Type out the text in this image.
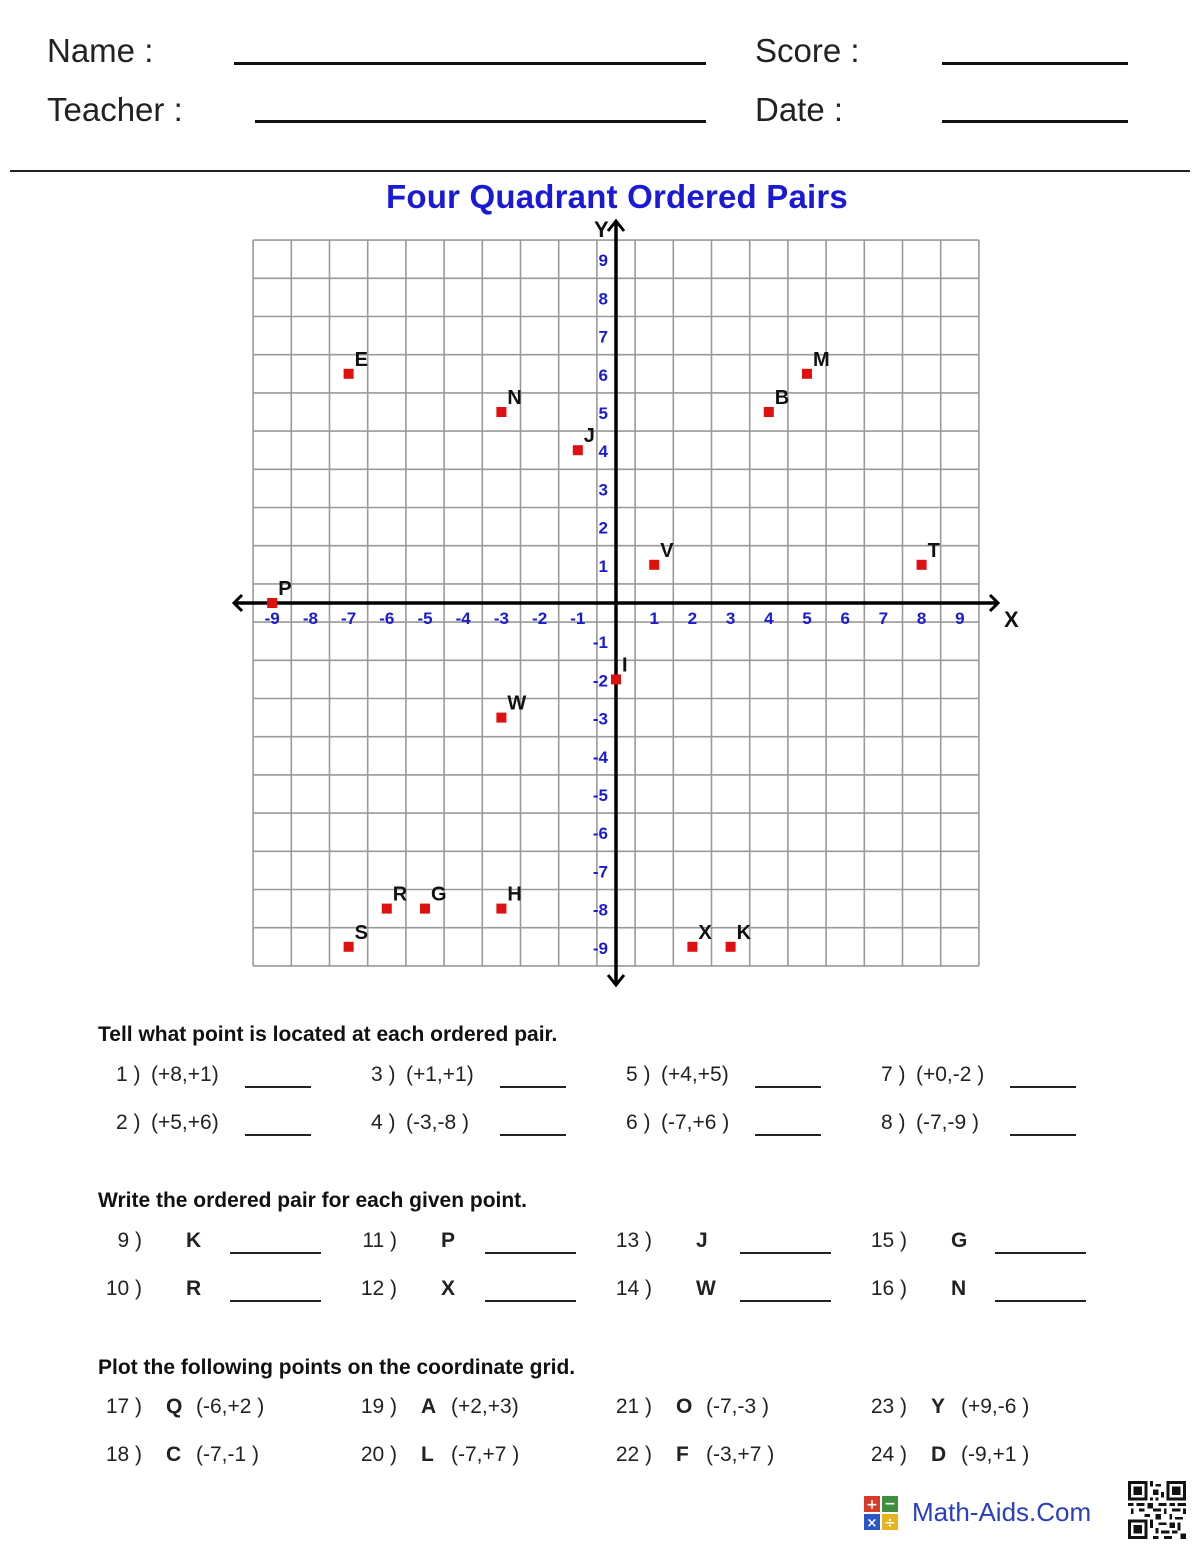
Name :
Teacher :
Score :
Date :
Four Quadrant Ordered Pairs
X
Y
-9 -8 -7 -6 -5 -4 -3 -2 -1	1 2 3 4 5 6 7 8 9
9
8
7
6
5
4
3
2
1
-1
-2
-3
-4
-5
-6
-7
-8
-9
E
N
J
M
B
V	T
P
I
W
R G	H
S	X K
Tell what point is located at each ordered pair.
1 ) (+8,+1)
2 ) (+5,+6)
3 ) (+1,+1)
4 ) (-3,-8 )
5 ) (+4,+5)
6 ) (-7,+6 )
7 ) (+0,-2 )
8 ) (-7,-9 )
Write the ordered pair for each given point.
9 ) K
10 ) R
11 ) P
12 ) X
13 ) J
14 ) W
15 ) G
16 ) N
Plot the following points on the coordinate grid.
17 ) Q (-6,+2 )
18 ) C (-7,-1 )
19 ) A (+2,+3)
20 ) L (-7,+7 )
21 ) O (-7,-3 )
22 ) F (-3,+7 )
23 ) Y (+9,-6 )
24 ) D (-9,+1 )
+ −
× ÷ Math-Aids.Com
